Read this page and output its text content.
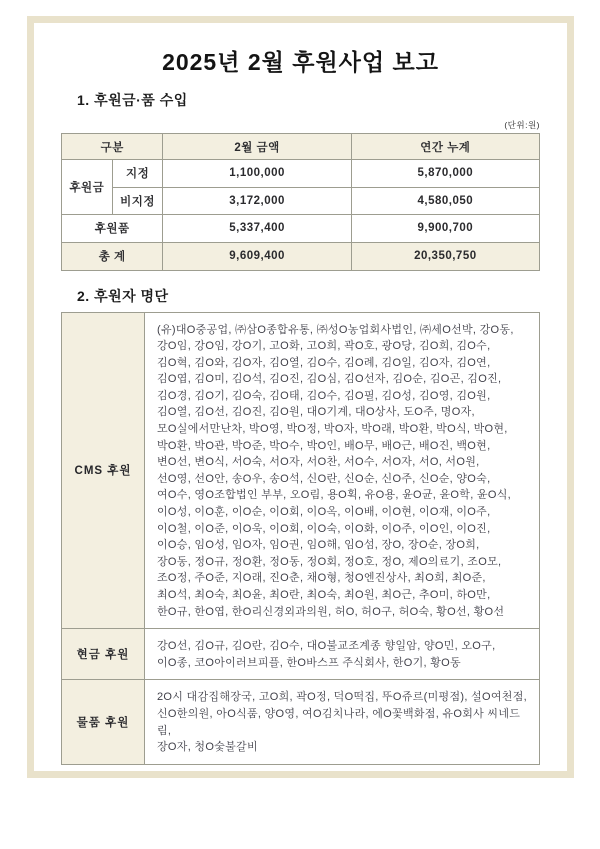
2025년 2월 후원사업 보고
1. 후원금·품 수입
(단위:원)
구분		2월 금액	연간 누계
후원금	지정	1,100,000	5,870,000
	비지정	3,172,000	4,580,050
후원품		5,337,400	9,900,700
총 계		9,609,400	20,350,750
2. 후원자 명단
CMS 후원	
(유)대O중공업, ㈜삼O종합유통, ㈜성O농업회사법인, ㈜세O선박, 강O동,
강O임, 강O임, 강O기, 고O화, 고O희, 곽O호, 광O당, 김O희, 김O수,
김O혁, 김O와, 김O자, 김O열, 김O수, 김O례, 김O일, 김O자, 김O연,
김O엽, 김O미, 김O석, 김O진, 김O심, 김O선자, 김O순, 김O곤, 김O진,
김O경, 김O기, 김O숙, 김O태, 김O수, 김O필, 김O성, 김O영, 김O원,
김O열, 김O선, 김O진, 김O원, 대O기계, 대O상사, 도O주, 명O자,
모O실에서만난차, 박O영, 박O정, 박O자, 박O래, 박O환, 박O식, 박O현,
박O환, 박O관, 박O준, 박O수, 박O인, 배O무, 배O근, 배O진, 백O현,
변O선, 변O식, 서O숙, 서O자, 서O찬, 서O수, 서O자, 서O, 서O원,
선O영, 선O안, 송O우, 송O석, 신O란, 신O순, 신O주, 신O순, 양O숙,
여O수, 영O조합법인 부부, 오O림, 용O획, 유O용, 윤O균, 윤O학, 윤O식,
이O성, 이O훈, 이O순, 이O회, 이O옥, 이O배, 이O현, 이O재, 이O주,
이O철, 이O준, 이O욱, 이O회, 이O숙, 이O화, 이O주, 이O인, 이O진,
이O승, 임O성, 임O자, 임O권, 임O해, 임O섬, 장O, 장O순, 장O희,
장O동, 정O규, 정O환, 정O동, 정O회, 정O호, 정O, 제O의료기, 조O모,
조O정, 주O준, 지O래, 진O춘, 채O형, 청O엔진상사, 최O희, 최O준,
최O석, 최O숙, 최O윤, 최O란, 최O숙, 최O원, 최O근, 추O미, 하O만,
한O규, 한O엽, 한O리신경외과의원, 허O, 허O구, 허O숙, 황O선, 황O선

현금 후원	강O선, 김O규, 김O란, 김O수, 대O불교조계종 향일암, 양O민, 오O구,
이O종, 코O아이러브피플, 한O바스프 주식회사, 한O기, 황O동

물품 후원	2O시 대감집해장국, 고O희, 곽O정, 덕O떡집, 뚜O쥬르(미평점), 설O여천점,
신O한의원, 아O식품, 양O영, 여O김치나라, 에O꽃백화점, 유O회사 씨네드림,
장O자, 청O숯불갈비
